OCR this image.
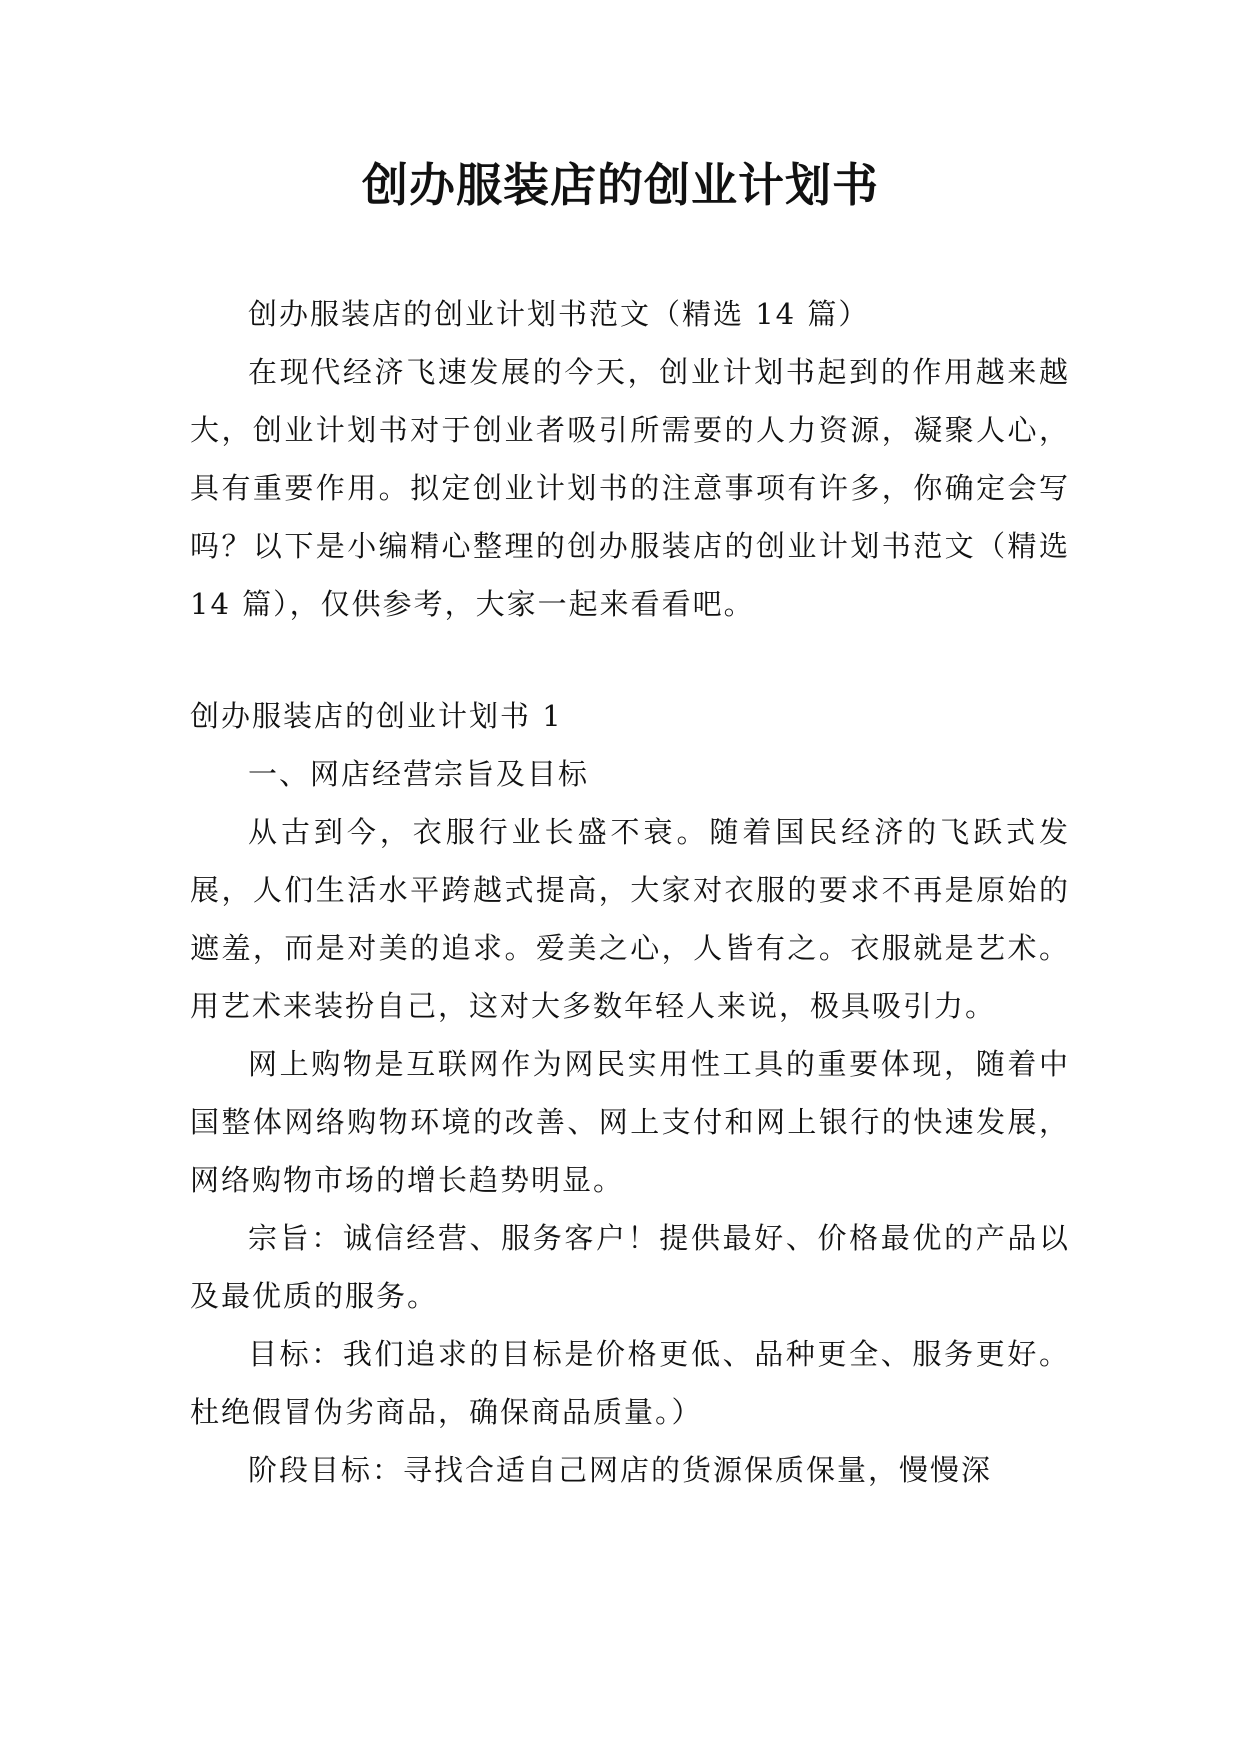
创办服装店的创业计划书

创办服装店的创业计划书范文（精选 14 篇）

在现代经济飞速发展的今天，创业计划书起到的作用越来越大，创业计划书对于创业者吸引所需要的人力资源，凝聚人心，具有重要作用。拟定创业计划书的注意事项有许多，你确定会写吗？以下是小编精心整理的创办服装店的创业计划书范文（精选 14 篇），仅供参考，大家一起来看看吧。

创办服装店的创业计划书 1

一、网店经营宗旨及目标

从古到今，衣服行业长盛不衰。随着国民经济的飞跃式发展，人们生活水平跨越式提高，大家对衣服的要求不再是原始的遮羞，而是对美的追求。爱美之心，人皆有之。衣服就是艺术。用艺术来装扮自己，这对大多数年轻人来说，极具吸引力。

网上购物是互联网作为网民实用性工具的重要体现，随着中国整体网络购物环境的改善、网上支付和网上银行的快速发展，网络购物市场的增长趋势明显。

宗旨：诚信经营、服务客户！提供最好、价格最优的产品以及最优质的服务。

目标：我们追求的目标是价格更低、品种更全、服务更好。杜绝假冒伪劣商品，确保商品质量。）

阶段目标：寻找合适自己网店的货源保质保量，慢慢深
